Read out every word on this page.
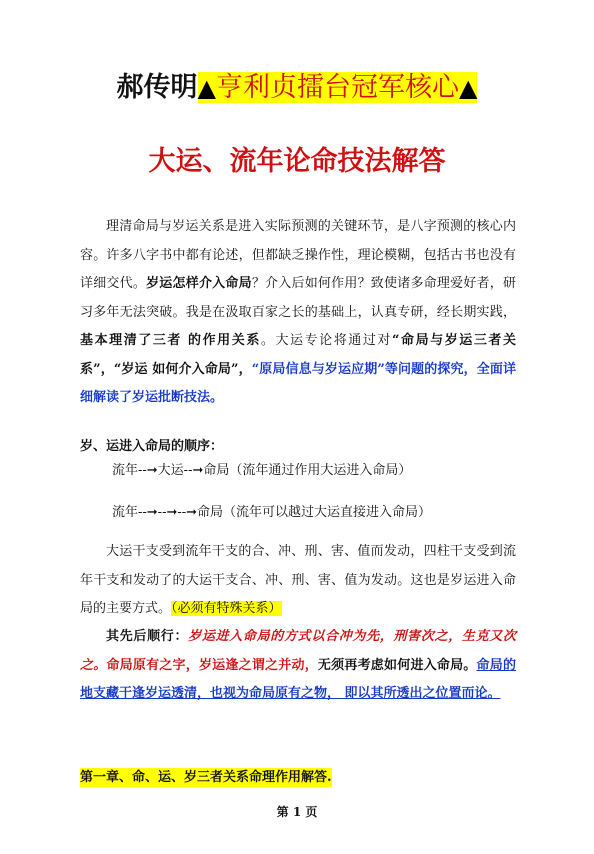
郝传明▲亨利贞擂台冠军核心▲
大运、流年论命技法解答
理清命局与岁运关系是进入实际预测的关键环节，是八字预测的核心内容。许多八字书中都有论述，但都缺乏操作性，理论模糊，包括古书也没有详细交代。岁运怎样介入命局？介入后如何作用？致使诸多命理爱好者，研习多年无法突破。我是在汲取百家之长的基础上，认真专研，经长期实践，基本理清了三者 的作用关系。大运专论将通过对“命局与岁运三者关系”，“岁运 如何介入命局”，“原局信息与岁运应期”等问题的探究，全面详 细解读了岁运批断技法。
岁、运进入命局的顺序：
流年--➞大运--➞命局（流年通过作用大运进入命局）
流年--➞--➞--➞命局（流年可以越过大运直接进入命局）
大运干支受到流年干支的合、冲、刑、害、值而发动，四柱干支受到流年干支和发动了的大运干支合、冲、刑、害、值为发动。这也是岁运进入命局的主要方式。（必须有特殊关系）
其先后顺行：岁运进入命局的方式以合冲为先，刑害次之，生克又次之。命局原有之字，岁运逢之谓之并动，无须再考虑如何进入命局。命局的地支藏干逢岁运透清，也视为命局原有之物， 即以其所透出之位置而论。
第一章、命、运、岁三者关系命理作用解答.
第 1 页
